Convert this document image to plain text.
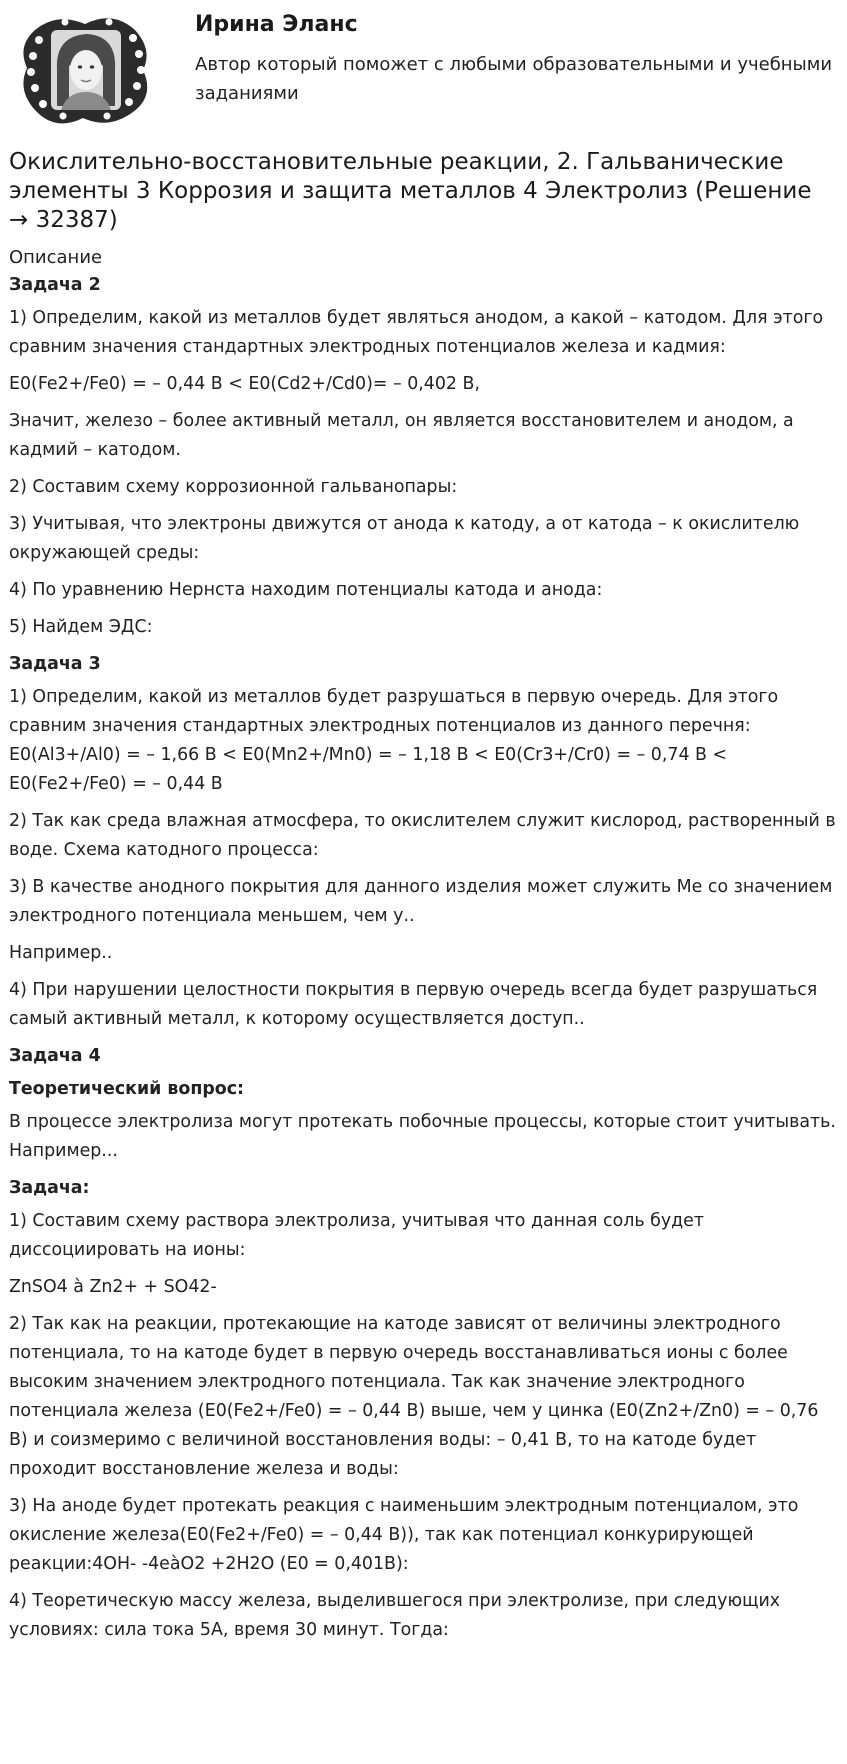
Ирина Эланс
Автор который поможет с любыми образовательными и учебными заданиями
Окислительно-восстановительные реакции, 2. Гальванические элементы 3 Коррозия и защита металлов 4 Электролиз (Решение → 32387)

Описание

Задача 2

1) Определим, какой из металлов будет являться анодом, а какой – катодом. Для этого сравним значения стандартных электродных потенциалов железа и кадмия:

E0(Fe2+/Fe0) = – 0,44 В < E0(Cd2+/Cd0)= – 0,402 В,

Значит, железо – более активный металл, он является восстановителем и анодом, а кадмий – катодом.

2) Составим схему коррозионной гальванопары:

3) Учитывая, что электроны движутся от анода к катоду, а от катода – к окислителю окружающей среды:

4) По уравнению Нернста находим потенциалы катода и анода:

5) Найдем ЭДС:

Задача 3

1) Определим, какой из металлов будет разрушаться в первую очередь. Для этого сравним значения стандартных электродных потенциалов из данного перечня: E0(Al3+/Al0) = – 1,66 В < E0(Mn2+/Mn0) = – 1,18 В < E0(Cr3+/Cr0) = – 0,74 В < E0(Fe2+/Fe0) = – 0,44 В

2) Так как среда влажная атмосфера, то окислителем служит кислород, растворенный в воде. Схема катодного процесса:

3) В качестве анодного покрытия для данного изделия может служить Me со значением электродного потенциала меньшем, чем у..

Например..

4) При нарушении целостности покрытия в первую очередь всегда будет разрушаться самый активный металл, к которому осуществляется доступ..

Задача 4

Теоретический вопрос:

В процессе электролиза могут протекать побочные процессы, которые стоит учитывать. Например...

Задача:

1) Составим схему раствора электролиза, учитывая что данная соль будет диссоциировать на ионы:

ZnSO4 à Zn2+ + SO42-

2) Так как на реакции, протекающие на катоде зависят от величины электродного потенциала, то на катоде будет в первую очередь восстанавливаться ионы с более высоким значением электродного потенциала. Так как значение электродного потенциала железа (E0(Fe2+/Fe0) = – 0,44 В) выше, чем у цинка (E0(Zn2+/Zn0) = – 0,76 В) и соизмеримо с величиной восстановления воды: – 0,41 В, то на катоде будет проходит восстановление железа и воды:

3) На аноде будет протекать реакция с наименьшим электродным потенциалом, это окисление железа(E0(Fe2+/Fe0) = – 0,44 В)), так как потенциал конкурирующей реакции:4OH- -4eàO2 +2H2O (E0 = 0,401В):

4) Теоретическую массу железа, выделившегося при электролизе, при следующих условиях: сила тока 5А, время 30 минут. Тогда:
